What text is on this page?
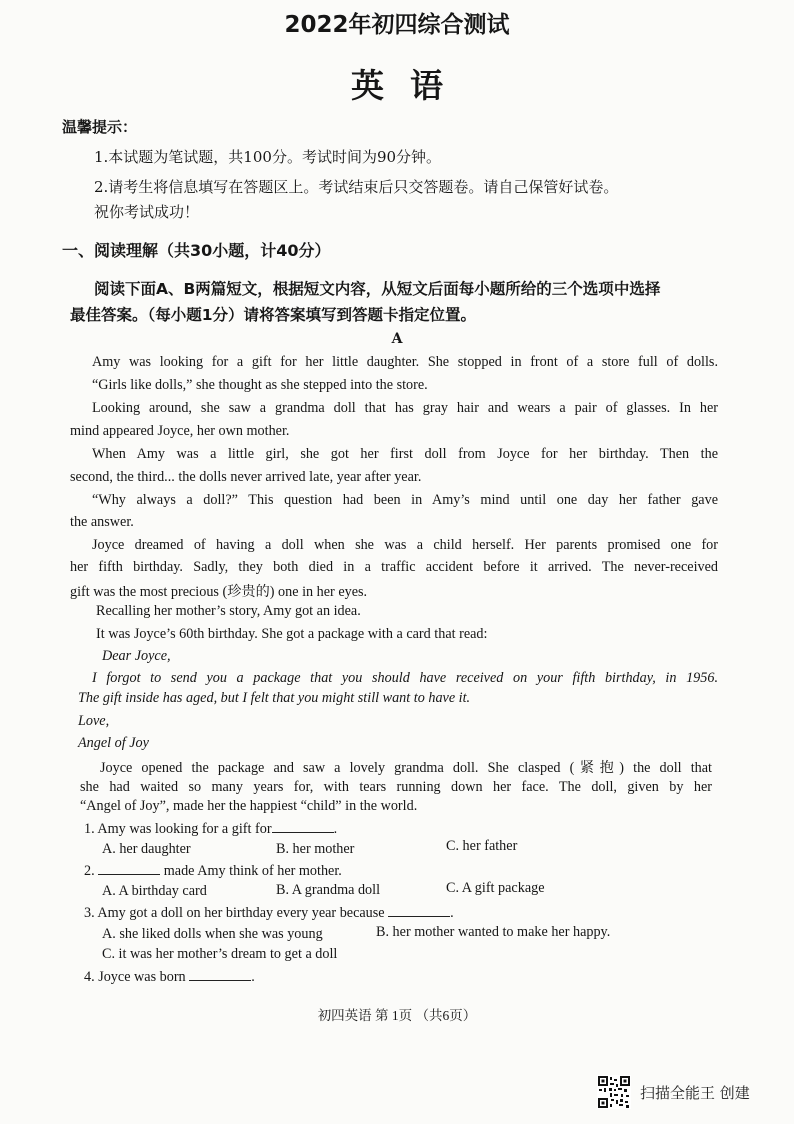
2022年初四综合测试
英语
温馨提示：
1.本试题为笔试题，共100分。考试时间为90分钟。
2.请考生将信息填写在答题区上。考试结束后只交答题卷。请自己保管好试卷。
祝你考试成功！
一、阅读理解（共30小题，计40分）
阅读下面A、B两篇短文，根据短文内容，从短文后面每小题所给的三个选项中选择
最佳答案。（每小题1分）请将答案填写到答题卡指定位置。
A
Amy was looking for a gift for her little daughter. She stopped in front of a store full of dolls.
“Girls like dolls,” she thought as she stepped into the store.
Looking around, she saw a grandma doll that has gray hair and wears a pair of glasses. In her
mind appeared Joyce, her own mother.
When Amy was a little girl, she got her first doll from Joyce for her birthday. Then the
second, the third... the dolls never arrived late, year after year.
“Why always a doll?” This question had been in Amy’s mind until one day her father gave
the answer.
Joyce dreamed of having a doll when she was a child herself. Her parents promised one for
her fifth birthday. Sadly, they both died in a traffic accident before it arrived. The never-received
gift was the most precious (珍贵的) one in her eyes.
Recalling her mother’s story, Amy got an idea.
It was Joyce’s 60th birthday. She got a package with a card that read:
Dear Joyce,
I forgot to send you a package that you should have received on your fifth birthday, in 1956.
The gift inside has aged, but I felt that you might still want to have it.
Love,
Angel of Joy
Joyce opened the package and saw a lovely grandma doll. She clasped (紧抱) the doll that
she had waited so many years for, with tears running down her face. The doll, given by her
“Angel of Joy”, made her the happiest “child” in the world.
1. Amy was looking for a gift for	.
A. her daughter	B. her mother	C. her father
2.	made Amy think of her mother.
A. A birthday card	B. A grandma doll	C. A gift package
3. Amy got a doll on her birthday every year because	.
A. she liked dolls when she was young	B. her mother wanted to make her happy.
C. it was her mother’s dream to get a doll
4. Joyce was born	.
初四英语 第 1页 （共6页）
扫描全能王 创建
